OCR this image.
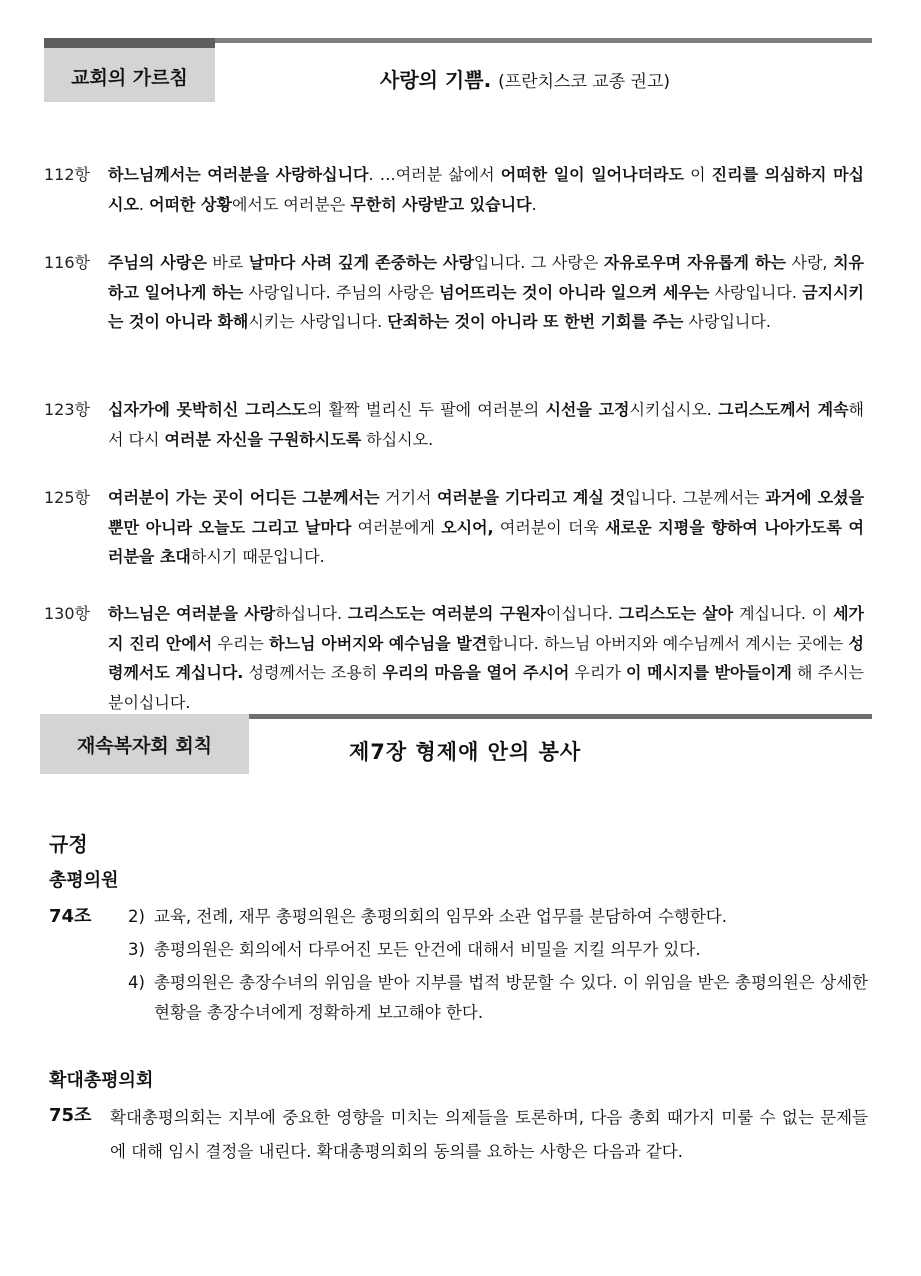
교회의 가르침	사랑의 기쁨. (프란치스코 교종 권고)
112항	하느님께서는 여러분을 사랑하십니다. …여러분 삶에서 어떠한 일이 일어나더라도 이 진리를 의심하지 마십시오. 어떠한 상황에서도 여러분은 무한히 사랑받고 있습니다.
116항	주님의 사랑은 바로 날마다 사려 깊게 존중하는 사랑입니다. 그 사랑은 자유로우며 자유롭게 하는 사랑, 치유하고 일어나게 하는 사랑입니다. 주님의 사랑은 넘어뜨리는 것이 아니라 일으켜 세우는 사랑입니다. 금지시키는 것이 아니라 화해시키는 사랑입니다. 단죄하는 것이 아니라 또 한번 기회를 주는 사랑입니다.
123항	십자가에 못박히신 그리스도의 활짝 벌리신 두 팔에 여러분의 시선을 고정시키십시오. 그리스도께서 계속해서 다시 여러분 자신을 구원하시도록 하십시오.
125항	여러분이 가는 곳이 어디든 그분께서는 거기서 여러분을 기다리고 계실 것입니다. 그분께서는 과거에 오셨을 뿐만 아니라 오늘도 그리고 날마다 여러분에게 오시어, 여러분이 더욱 새로운 지평을 향하여 나아가도록 여러분을 초대하시기 때문입니다.
130항	하느님은 여러분을 사랑하십니다. 그리스도는 여러분의 구원자이십니다. 그리스도는 살아 계십니다. 이 세가지 진리 안에서 우리는 하느님 아버지와 예수님을 발견합니다. 하느님 아버지와 예수님께서 계시는 곳에는 성령께서도 계십니다. 성령께서는 조용히 우리의 마음을 열어 주시어 우리가 이 메시지를 받아들이게 해 주시는 분이십니다.
재속복자회 회칙	제7장 형제애 안의 봉사
규정
총평의원
74조 2) 교육, 전례, 재무 총평의원은 총평의회의 임무와 소관 업무를 분담하여 수행한다.
3) 총평의원은 회의에서 다루어진 모든 안건에 대해서 비밀을 지킬 의무가 있다.
4) 총평의원은 총장수녀의 위임을 받아 지부를 법적 방문할 수 있다. 이 위임을 받은 총평의원은 상세한 현황을 총장수녀에게 정확하게 보고해야 한다.
확대총평의회
75조 확대총평의회는 지부에 중요한 영향을 미치는 의제들을 토론하며, 다음 총회 때가지 미룰 수 없는 문제들에 대해 임시 결정을 내린다. 확대총평의회의 동의를 요하는 사항은 다음과 같다.
